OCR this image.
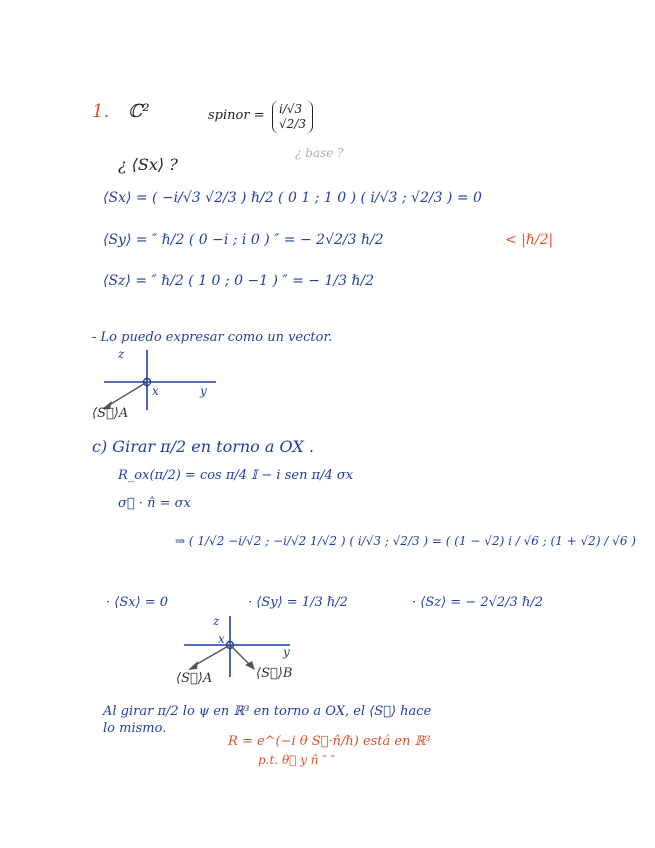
1. ℂ²	spinor = i/√3
√2/3
¿ base ?
¿ ⟨Sx⟩ ?
⟨Sx⟩ = ( −i/√3 √2/3 ) ℏ/2 ( 0 1 ; 1 0 ) ( i/√3 ; √2/3 ) = 0
⟨Sy⟩ = ″ ℏ/2 ( 0 −i ; i 0 ) ″ = − 2√2/3 ℏ/2	< |ℏ/2|
⟨Sz⟩ = ″ ℏ/2 ( 1 0 ; 0 −1 ) ″ = − 1/3 ℏ/2
- Lo puedo expresar como un vector.
z
x	y
⟨S⃗⟩A
c) Girar π/2 en torno a OX .
R_ox(π/2) = cos π/4 𝕀 − i sen π/4 σx
σ⃗ · n̂ = σx
⇒ ( 1/√2 −i/√2 ; −i/√2 1/√2 ) ( i/√3 ; √2/3 ) = ( (1 − √2) i / √6 ; (1 + √2) / √6 )
· ⟨Sx⟩ = 0	· ⟨Sy⟩ = 1/3 ℏ/2	· ⟨Sz⟩ = − 2√2/3 ℏ/2
z
x
y
⟨S⃗⟩A	⟨S⃗⟩B
Al girar π/2 lo ψ en ℝ³ en torno a OX, el ⟨S⃗⟩ hace
lo mismo.
R = e^(−i θ S⃗·n̂/ℏ) está en ℝ³
p.t. θ⃗ y n̂ ″ ″
